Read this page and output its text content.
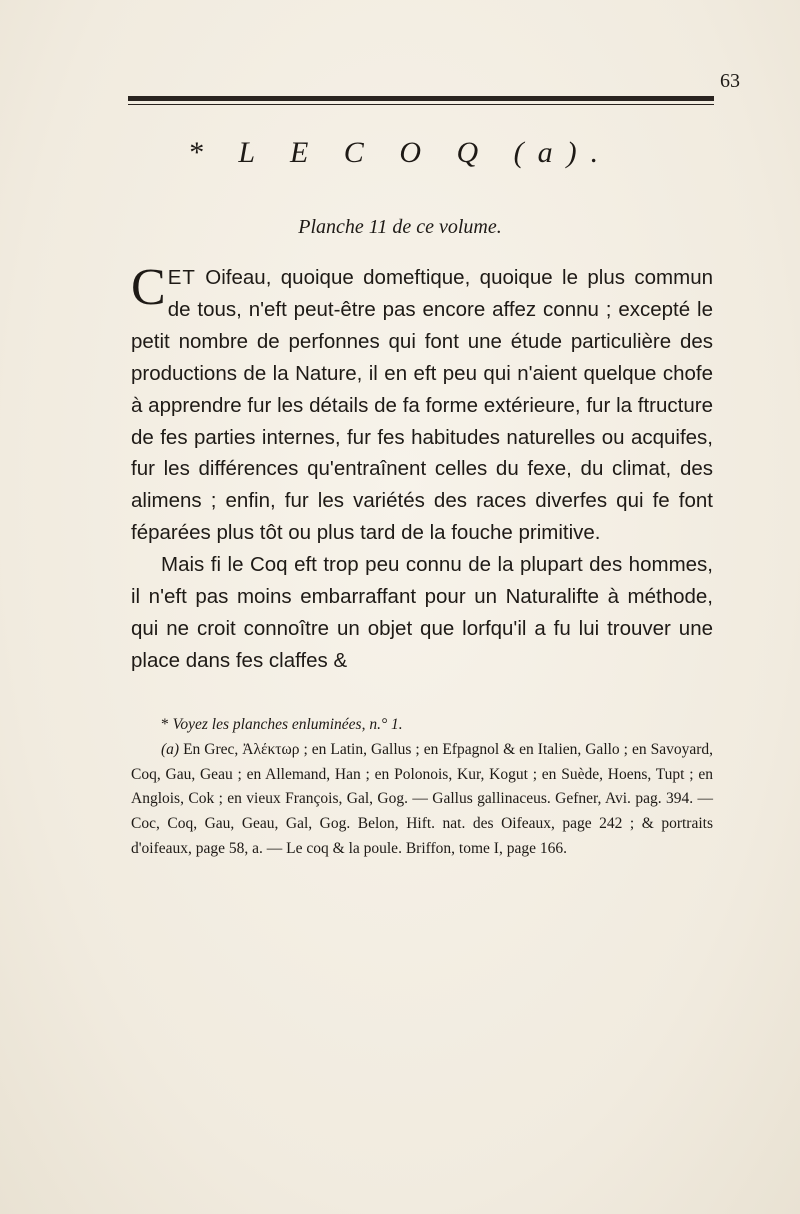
63
* L E C O Q (a).
Planche 11 de ce volume.

CET Oifeau, quoique domeftique, quoique le plus commun de tous, n'eft peut-être pas encore affez connu ; excepté le petit nombre de perfonnes qui font une étude particulière des productions de la Nature, il en eft peu qui n'aient quelque chofe à apprendre fur les détails de fa forme extérieure, fur la ftructure de fes parties internes, fur fes habitudes naturelles ou acquifes, fur les différences qu'entraînent celles du fexe, du climat, des alimens ; enfin, fur les variétés des races diverfes qui fe font féparées plus tôt ou plus tard de la fouche primitive.

Mais fi le Coq eft trop peu connu de la plupart des hommes, il n'eft pas moins embarraffant pour un Naturalifte à méthode, qui ne croit connoître un objet que lorfqu'il a fu lui trouver une place dans fes claffes &

* Voyez les planches enluminées, n.° 1.

(a) En Grec, Ἀλέκτωρ ; en Latin, Gallus ; en Efpagnol & en Italien, Gallo ; en Savoyard, Coq, Gau, Geau ; en Allemand, Han ; en Polonois, Kur, Kogut ; en Suède, Hoens, Tupt ; en Anglois, Cok ; en vieux François, Gal, Gog. — Gallus gallinaceus. Gefner, Avi. pag. 394. — Coc, Coq, Gau, Geau, Gal, Gog. Belon, Hift. nat. des Oifeaux, page 242 ; & portraits d'oifeaux, page 58, a. — Le coq & la poule. Briffon, tome I, page 166.
